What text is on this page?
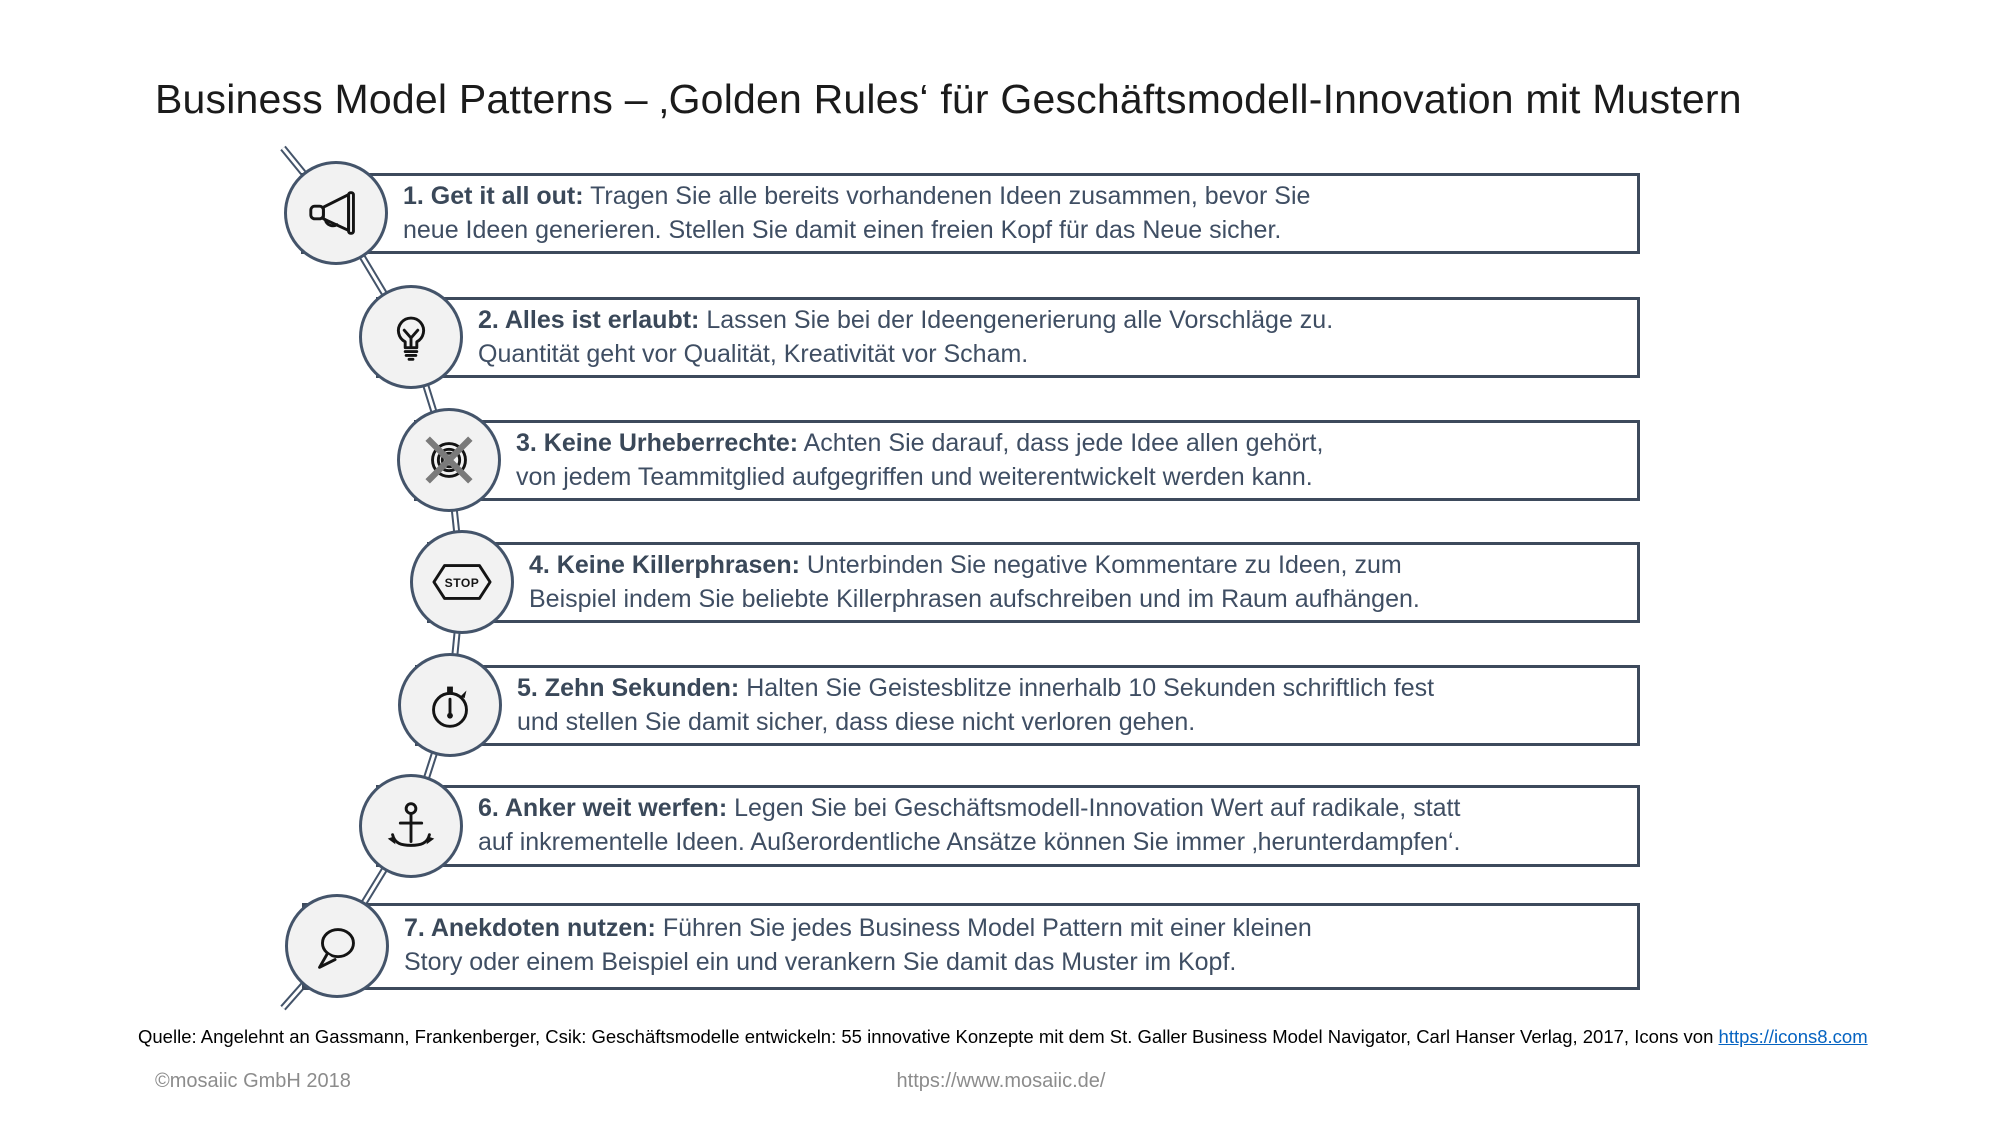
Business Model Patterns – ‚Golden Rules‘ für Geschäftsmodell-Innovation mit Mustern
1. Get it all out: Tragen Sie alle bereits vorhandenen Ideen zusammen, bevor Sie
neue Ideen generieren. Stellen Sie damit einen freien Kopf für das Neue sicher.
2. Alles ist erlaubt: Lassen Sie bei der Ideengenerierung alle Vorschläge zu.
Quantität geht vor Qualität, Kreativität vor Scham.
3. Keine Urheberrechte: Achten Sie darauf, dass jede Idee allen gehört,
von jedem Teammitglied aufgegriffen und weiterentwickelt werden kann.
4. Keine Killerphrasen: Unterbinden Sie negative Kommentare zu Ideen, zum
Beispiel indem Sie beliebte Killerphrasen aufschreiben und im Raum aufhängen.
STOP
5. Zehn Sekunden: Halten Sie Geistesblitze innerhalb 10 Sekunden schriftlich fest
und stellen Sie damit sicher, dass diese nicht verloren gehen.
6. Anker weit werfen: Legen Sie bei Geschäftsmodell-Innovation Wert auf radikale, statt
auf inkrementelle Ideen. Außerordentliche Ansätze können Sie immer ‚herunterdampfen‘.
7. Anekdoten nutzen: Führen Sie jedes Business Model Pattern mit einer kleinen
Story oder einem Beispiel ein und verankern Sie damit das Muster im Kopf.
Quelle: Angelehnt an Gassmann, Frankenberger, Csik: Geschäftsmodelle entwickeln: 55 innovative Konzepte mit dem St. Galler Business Model Navigator, Carl Hanser Verlag, 2017, Icons von https://icons8.com
©mosaiic GmbH 2018	https://www.mosaiic.de/
